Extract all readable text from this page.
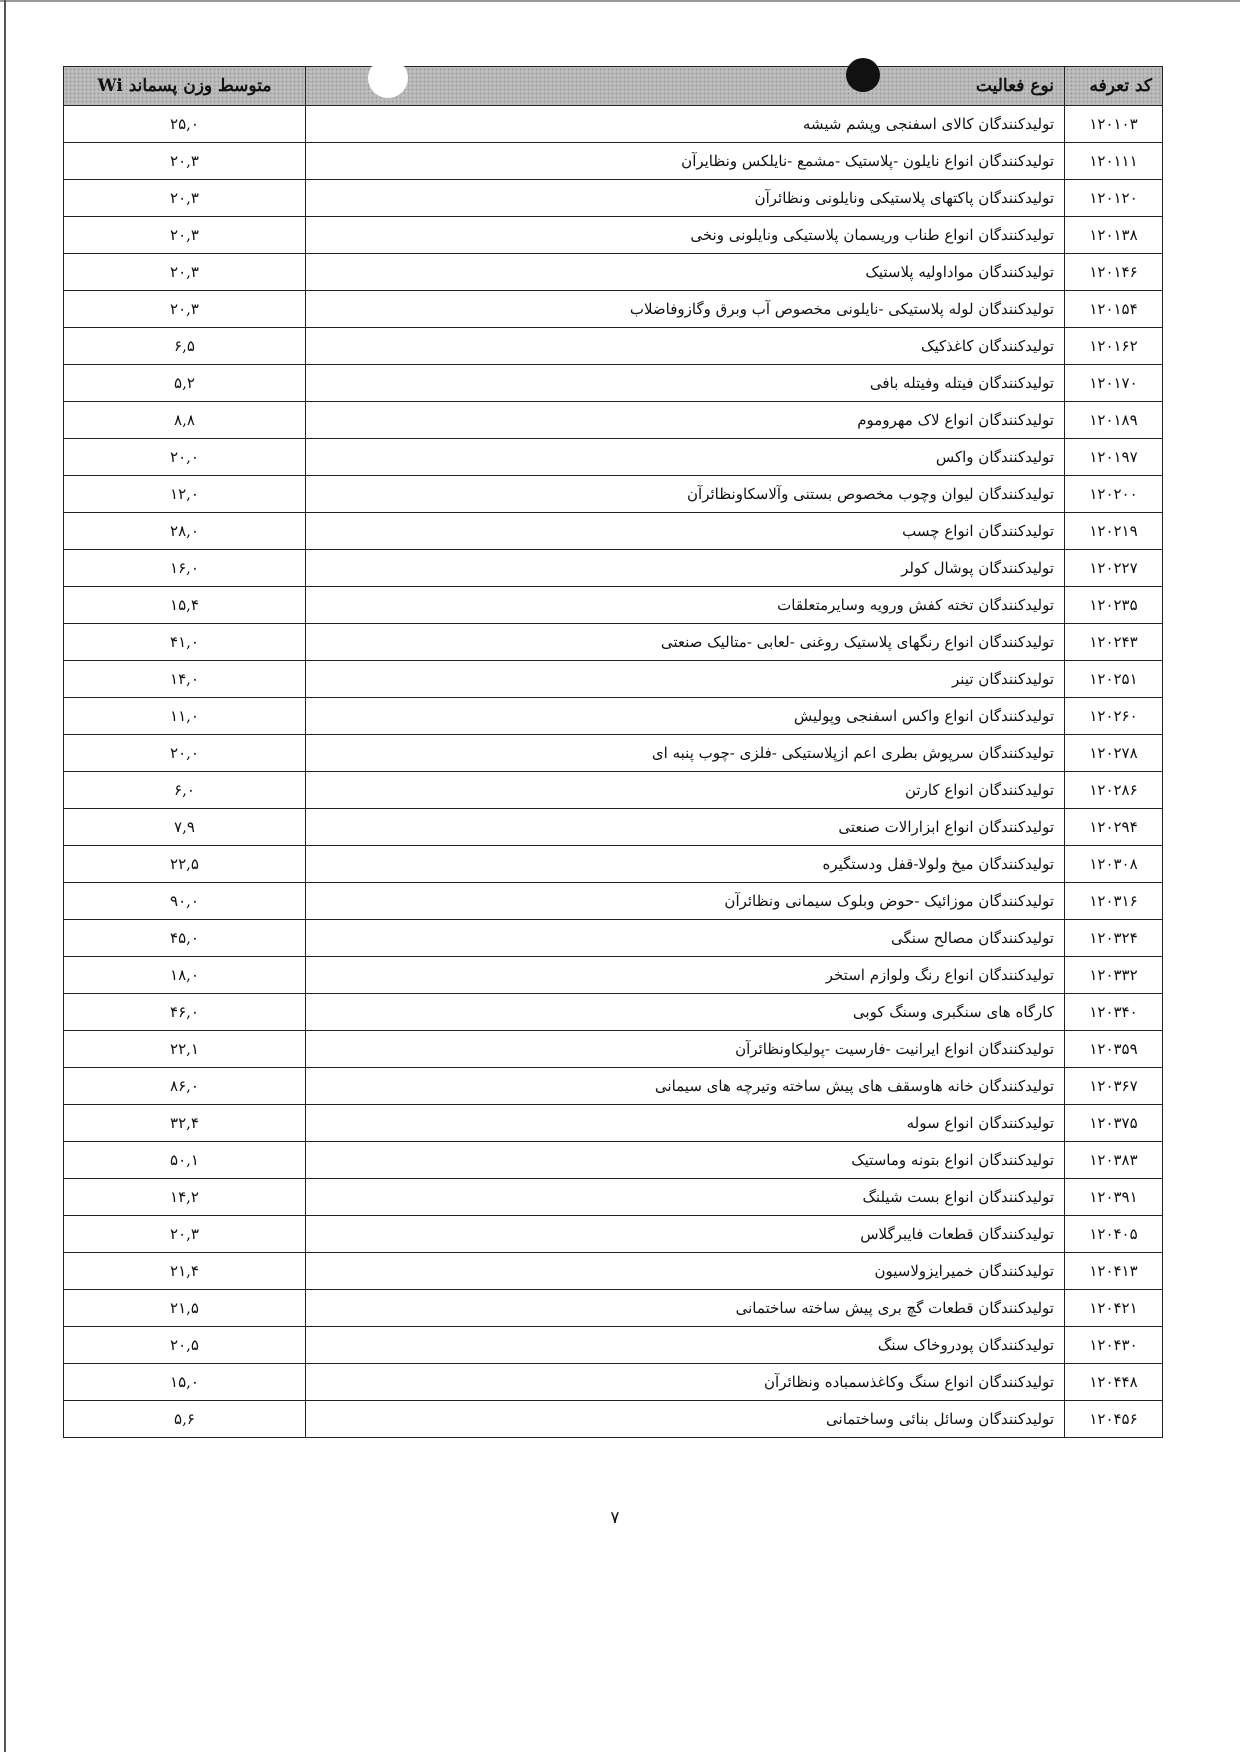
کد تعرفه	نوع فعالیت	متوسط وزن پسماند Wi
۱۲۰۱۰۳	تولیدکنندگان کالای اسفنجی وپشم شیشه	۲۵,۰
۱۲۰۱۱۱	تولیدکنندگان انواع نایلون -پلاستیک -مشمع -نایلکس ونظایرآن	۲۰,۳
۱۲۰۱۲۰	تولیدکنندگان پاکتهای پلاستیکی ونایلونی ونظائرآن	۲۰,۳
۱۲۰۱۳۸	تولیدکنندگان انواع طناب وریسمان پلاستیکی ونایلونی ونخی	۲۰,۳
۱۲۰۱۴۶	تولیدکنندگان مواداولیه پلاستیک	۲۰,۳
۱۲۰۱۵۴	تولیدکنندگان لوله پلاستیکی -نایلونی مخصوص آب وبرق وگازوفاضلاب	۲۰,۳
۱۲۰۱۶۲	تولیدکنندگان کاغذکیک	۶,۵
۱۲۰۱۷۰	تولیدکنندگان فیتله وفیتله بافی	۵,۲
۱۲۰۱۸۹	تولیدکنندگان انواع لاک مهروموم	۸,۸
۱۲۰۱۹۷	تولیدکنندگان واکس	۲۰,۰
۱۲۰۲۰۰	تولیدکنندگان لیوان وچوب مخصوص بستنی وآلاسکاونظائرآن	۱۲,۰
۱۲۰۲۱۹	تولیدکنندگان انواع چسب	۲۸,۰
۱۲۰۲۲۷	تولیدکنندگان پوشال کولر	۱۶,۰
۱۲۰۲۳۵	تولیدکنندگان تخته کفش ورویه وسایرمتعلقات	۱۵,۴
۱۲۰۲۴۳	تولیدکنندگان انواع رنگهای پلاستیک روغنی -لعابی -متالیک صنعتی	۴۱,۰
۱۲۰۲۵۱	تولیدکنندگان تینر	۱۴,۰
۱۲۰۲۶۰	تولیدکنندگان انواع واکس اسفنجی وپولیش	۱۱,۰
۱۲۰۲۷۸	تولیدکنندگان سرپوش بطری اعم ازپلاستیکی -فلزی -چوب پنبه ای	۲۰,۰
۱۲۰۲۸۶	تولیدکنندگان انواع کارتن	۶,۰
۱۲۰۲۹۴	تولیدکنندگان انواع ابزارالات صنعتی	۷,۹
۱۲۰۳۰۸	تولیدکنندگان میخ ولولا-قفل ودستگیره	۲۲,۵
۱۲۰۳۱۶	تولیدکنندگان موزائیک -حوض وبلوک سیمانی ونظائرآن	۹۰,۰
۱۲۰۳۲۴	تولیدکنندگان مصالح سنگی	۴۵,۰
۱۲۰۳۳۲	تولیدکنندگان انواع رنگ ولوازم استخر	۱۸,۰
۱۲۰۳۴۰	کارگاه های سنگبری وسنگ کوبی	۴۶,۰
۱۲۰۳۵۹	تولیدکنندگان انواع ایرانیت -فارسیت -پولیکاونظائرآن	۲۲,۱
۱۲۰۳۶۷	تولیدکنندگان خانه هاوسقف های پیش ساخته وتیرچه های سیمانی	۸۶,۰
۱۲۰۳۷۵	تولیدکنندگان انواع سوله	۳۲,۴
۱۲۰۳۸۳	تولیدکنندگان انواع بتونه وماستیک	۵۰,۱
۱۲۰۳۹۱	تولیدکنندگان انواع بست شیلنگ	۱۴,۲
۱۲۰۴۰۵	تولیدکنندگان قطعات فایبرگلاس	۲۰,۳
۱۲۰۴۱۳	تولیدکنندگان خمیرایزولاسیون	۲۱,۴
۱۲۰۴۲۱	تولیدکنندگان قطعات گچ بری پیش ساخته ساختمانی	۲۱,۵
۱۲۰۴۳۰	تولیدکنندگان پودروخاک سنگ	۲۰,۵
۱۲۰۴۴۸	تولیدکنندگان انواع سنگ وکاغذسمباده ونظائرآن	۱۵,۰
۱۲۰۴۵۶	تولیدکنندگان وسائل بنائی وساختمانی	۵,۶
۷
